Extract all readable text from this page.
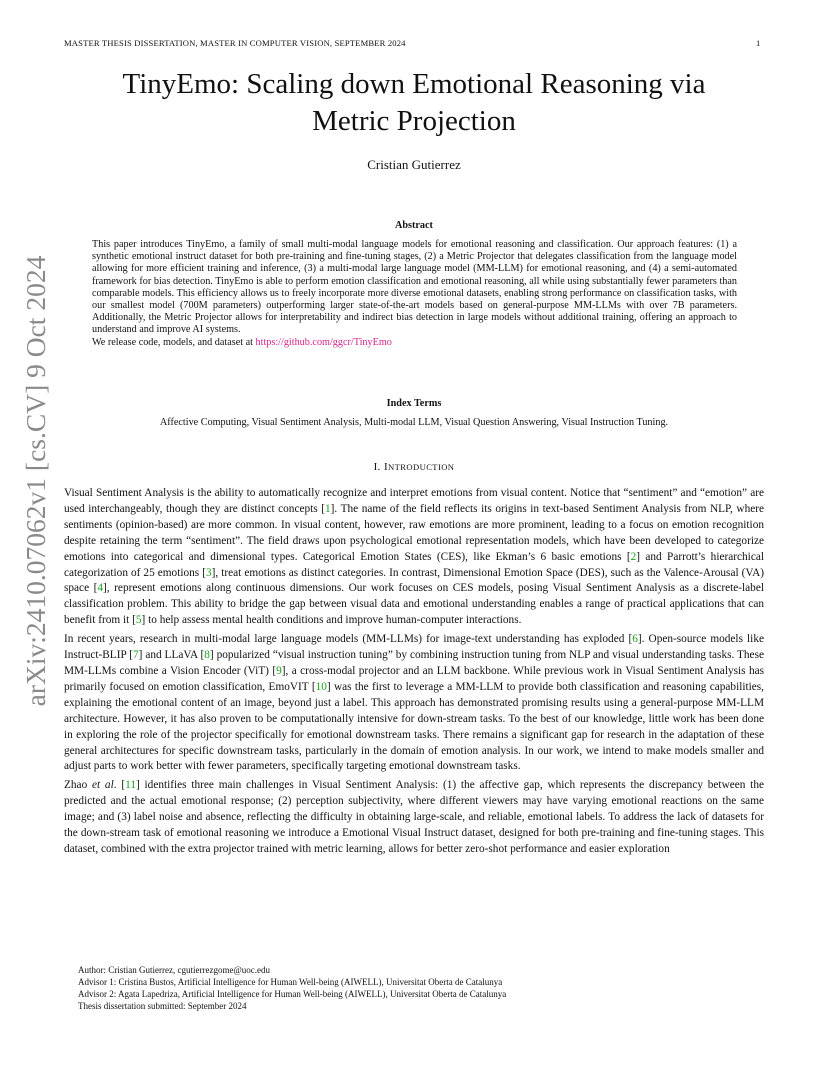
MASTER THESIS DISSERTATION, MASTER IN COMPUTER VISION, SEPTEMBER 2024	1
arXiv:2410.07062v1 [cs.CV] 9 Oct 2024
TinyEmo: Scaling down Emotional Reasoning via
Metric Projection
Cristian Gutierrez
Abstract

This paper introduces TinyEmo, a family of small multi-modal language models for emotional reasoning and classification. Our approach features: (1) a synthetic emotional instruct dataset for both pre-training and fine-tuning stages, (2) a Metric Projector that delegates classification from the language model allowing for more efficient training and inference, (3) a multi-modal large language model (MM-LLM) for emotional reasoning, and (4) a semi-automated framework for bias detection. TinyEmo is able to perform emotion classification and emotional reasoning, all while using substantially fewer parameters than comparable models. This efficiency allows us to freely incorporate more diverse emotional datasets, enabling strong performance on classification tasks, with our smallest model (700M parameters) outperforming larger state-of-the-art models based on general-purpose MM-LLMs with over 7B parameters. Additionally, the Metric Projector allows for interpretability and indirect bias detection in large models without additional training, offering an approach to understand and improve AI systems.

We release code, models, and dataset at https://github.com/ggcr/TinyEmo

Index Terms
Affective Computing, Visual Sentiment Analysis, Multi-modal LLM, Visual Question Answering, Visual Instruction Tuning.
I. INTRODUCTION

Visual Sentiment Analysis is the ability to automatically recognize and interpret emotions from visual content. Notice that “sentiment” and “emotion” are used interchangeably, though they are distinct concepts [1]. The name of the field reflects its origins in text-based Sentiment Analysis from NLP, where sentiments (opinion-based) are more common. In visual content, however, raw emotions are more prominent, leading to a focus on emotion recognition despite retaining the term “sentiment”. The field draws upon psychological emotional representation models, which have been developed to categorize emotions into categorical and dimensional types. Categorical Emotion States (CES), like Ekman’s 6 basic emotions [2] and Parrott’s hierarchical categorization of 25 emotions [3], treat emotions as distinct categories. In contrast, Dimensional Emotion Space (DES), such as the Valence-Arousal (VA) space [4], represent emotions along continuous dimensions. Our work focuses on CES models, posing Visual Sentiment Analysis as a discrete-label classification problem. This ability to bridge the gap between visual data and emotional understanding enables a range of practical applications that can benefit from it [5] to help assess mental health conditions and improve human-computer interactions.

In recent years, research in multi-modal large language models (MM-LLMs) for image-text understanding has exploded [6]. Open-source models like Instruct-BLIP [7] and LLaVA [8] popularized “visual instruction tuning” by combining instruction tuning from NLP and visual understanding tasks. These MM-LLMs combine a Vision Encoder (ViT) [9], a cross-modal projector and an LLM backbone. While previous work in Visual Sentiment Analysis has primarily focused on emotion classification, EmoVIT [10] was the first to leverage a MM-LLM to provide both classification and reasoning capabilities, explaining the emotional content of an image, beyond just a label. This approach has demonstrated promising results using a general-purpose MM-LLM architecture. However, it has also proven to be computationally intensive for down-stream tasks. To the best of our knowledge, little work has been done in exploring the role of the projector specifically for emotional downstream tasks. There remains a significant gap for research in the adaptation of these general architectures for specific downstream tasks, particularly in the domain of emotion analysis. In our work, we intend to make models smaller and adjust parts to work better with fewer parameters, specifically targeting emotional downstream tasks.

Zhao et al. [11] identifies three main challenges in Visual Sentiment Analysis: (1) the affective gap, which represents the discrepancy between the predicted and the actual emotional response; (2) perception subjectivity, where different viewers may have varying emotional reactions on the same image; and (3) label noise and absence, reflecting the difficulty in obtaining large-scale, and reliable, emotional labels. To address the lack of datasets for the down-stream task of emotional reasoning we introduce a Emotional Visual Instruct dataset, designed for both pre-training and fine-tuning stages. This dataset, combined with the extra projector trained with metric learning, allows for better zero-shot performance and easier exploration

Author: Cristian Gutierrez, cgutierrezgome@uoc.edu
Advisor 1: Cristina Bustos, Artificial Intelligence for Human Well-being (AIWELL), Universitat Oberta de Catalunya
Advisor 2: Agata Lapedriza, Artificial Intelligence for Human Well-being (AIWELL), Universitat Oberta de Catalunya
Thesis dissertation submitted: September 2024
